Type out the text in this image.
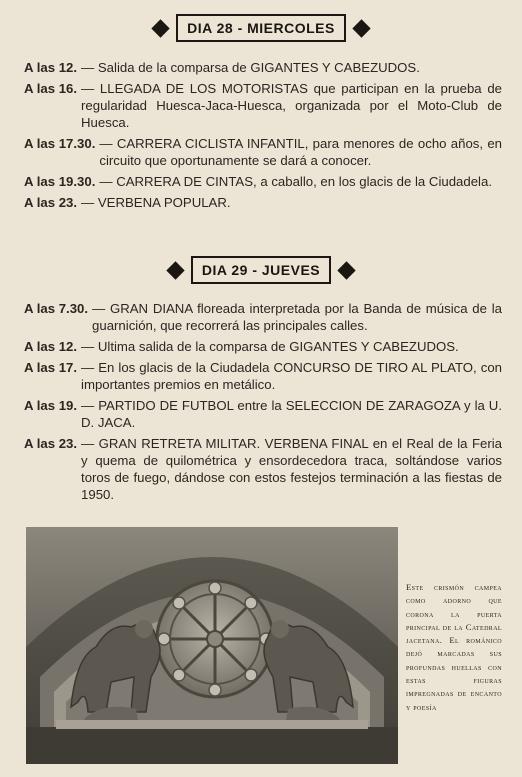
DIA 28 - MIERCOLES
A las 12. — Salida de la comparsa de GIGANTES Y CABEZUDOS.
A las 16. — LLEGADA DE LOS MOTORISTAS que participan en la prueba de regularidad Huesca-Jaca-Huesca, organizada por el Moto-Club de Huesca.
A las 17.30. — CARRERA CICLISTA INFANTIL, para menores de ocho años, en circuito que oportunamente se dará a conocer.
A las 19.30. — CARRERA DE CINTAS, a caballo, en los glacis de la Ciudadela.
A las 23. — VERBENA POPULAR.
DIA 29 - JUEVES
A las 7.30. — GRAN DIANA floreada interpretada por la Banda de música de la guarnición, que recorrerá las principales calles.
A las 12. — Ultima salida de la comparsa de GIGANTES Y CABEZUDOS.
A las 17. — En los glacis de la Ciudadela CONCURSO DE TIRO AL PLATO, con importantes premios en metálico.
A las 19. — PARTIDO DE FUTBOL entre la SELECCION DE ZARAGOZA y la U. D. JACA.
A las 23. — GRAN RETRETA MILITAR. VERBENA FINAL en el Real de la Feria y quema de quilométrica y ensordecedora traca, soltándose varios toros de fuego, dándose con estos festejos terminación a las fiestas de 1950.
Este crismón campea como adorno que corona la puerta principal de la Catedral jacetana. El románico dejó marcadas sus profundas huellas con estas figuras impregnadas de encanto y poesía
